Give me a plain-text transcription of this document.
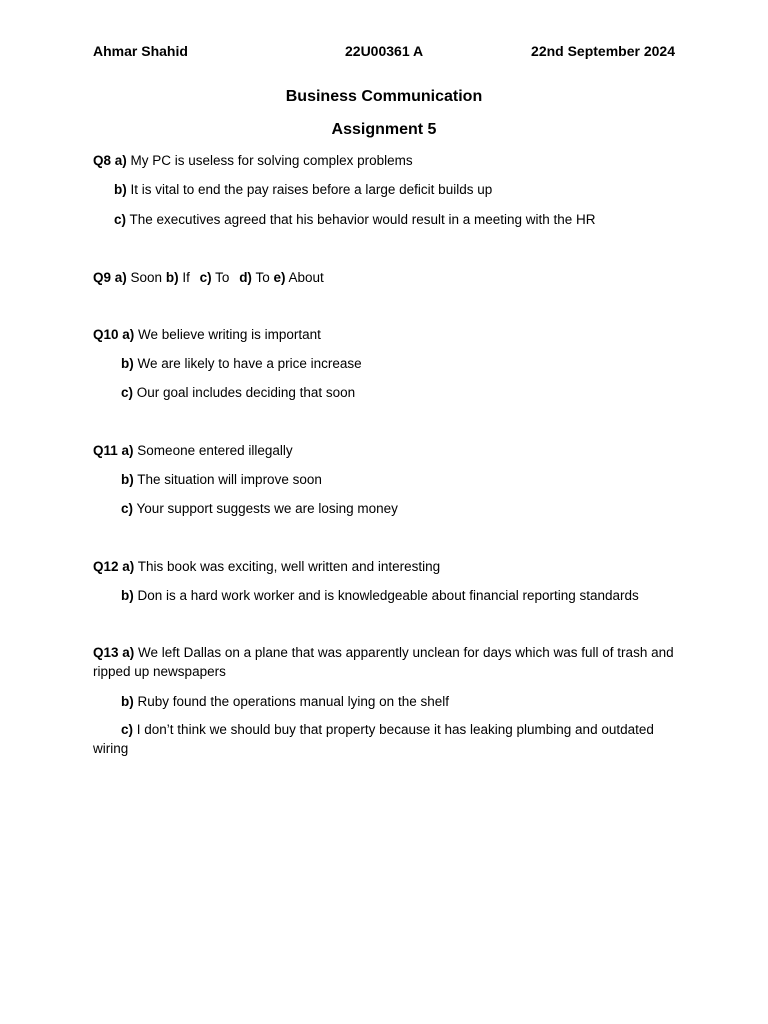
Ahmar Shahid	22U00361 A	22nd September 2024
Business Communication
Assignment 5
Q8 a) My PC is useless for solving complex problems
b) It is vital to end the pay raises before a large deficit builds up
c) The executives agreed that his behavior would result in a meeting with the HR
Q9 a) Soon b) If c) To d) To e) About
Q10 a) We believe writing is important
b) We are likely to have a price increase
c) Our goal includes deciding that soon
Q11 a) Someone entered illegally
b) The situation will improve soon
c) Your support suggests we are losing money
Q12 a) This book was exciting, well written and interesting
b) Don is a hard work worker and is knowledgeable about financial reporting standards
Q13 a) We left Dallas on a plane that was apparently unclean for days which was full of trash and ripped up newspapers
b) Ruby found the operations manual lying on the shelf
c) I don’t think we should buy that property because it has leaking plumbing and outdated wiring
